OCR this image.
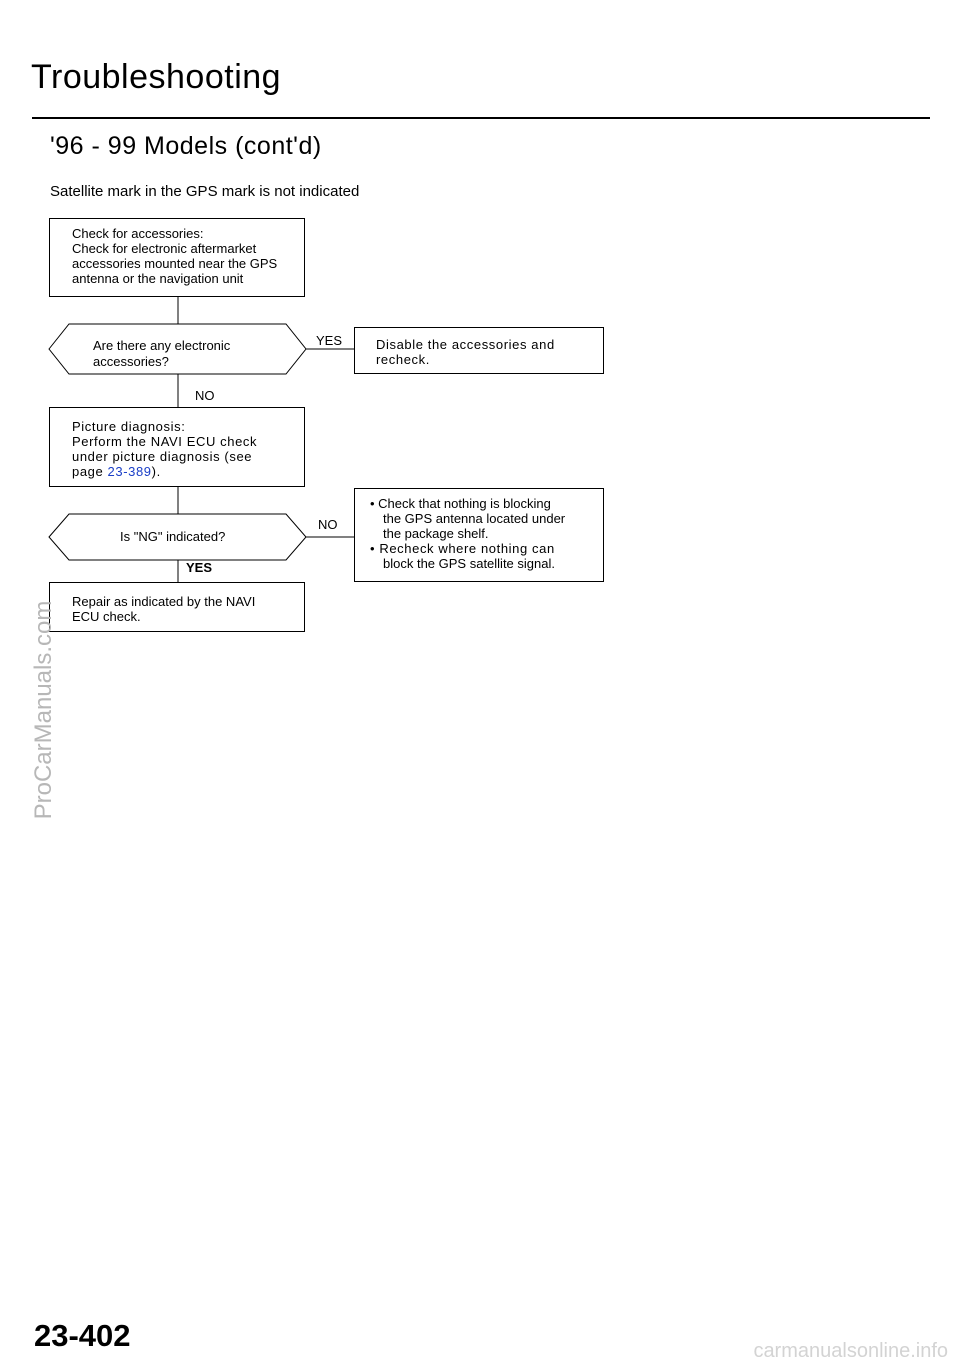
Troubleshooting
'96 - 99 Models (cont'd)
Satellite mark in the GPS mark is not indicated

Check for accessories:

Check for electronic aftermarket

accessories mounted near the GPS

antenna or the navigation unit

Are there any electronic
accessories?
YES
NO

Disable the accessories and

recheck.

Picture diagnosis:

Perform the NAVI ECU check

under picture diagnosis (see

page 23-389).

Is "NG" indicated?
NO
YES

• Check that nothing is blocking

the GPS antenna located under

the package shelf.

• Recheck where nothing can

block the GPS satellite signal.

Repair as indicated by the NAVI

ECU check.

ProCarManuals.com
23-402	carmanualsonline.info
